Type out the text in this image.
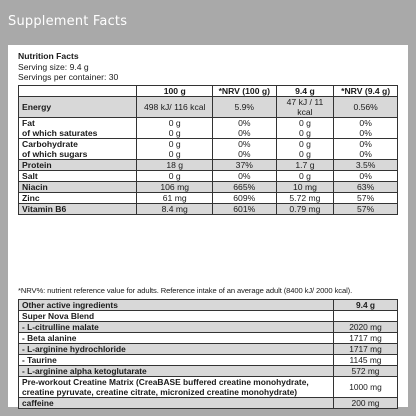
Supplement Facts
Nutrition Facts
Serving size: 9.4 g
Servings per container: 30
	100 g	*NRV (100 g)	9.4 g	*NRV (9.4 g)
Energy	498 kJ/ 116 kcal	5.9%	47 kJ / 11 kcal	0.56%
Fat	0 g	0%	0 g	0%
of which saturates	0 g	0%	0 g	0%
Carbohydrate	0 g	0%	0 g	0%
of which sugars	0 g	0%	0 g	0%
Protein	18 g	37%	1.7 g	3.5%
Salt	0 g	0%	0 g	0%
Niacin	106 mg	665%	10 mg	63%
Zinc	61 mg	609%	5.72 mg	57%
Vitamin B6	8.4 mg	601%	0.79 mg	57%
*NRV%: nutrient reference value for adults. Reference intake of an average adult (8400 kJ/ 2000 kcal).
Other active ingredients	9.4 g
Super Nova Blend	
- L-citrulline malate	2020 mg
- Beta alanine	1717 mg
- L-arginine hydrochloride	1717 mg
- Taurine	1145 mg
- L-arginine alpha ketoglutarate	572 mg
Pre-workout Creatine Matrix (CreaBASE buffered creatine monohydrate, creatine pyruvate, creatine citrate, micronized creatine monohydrate)	1000 mg
caffeine	200 mg
